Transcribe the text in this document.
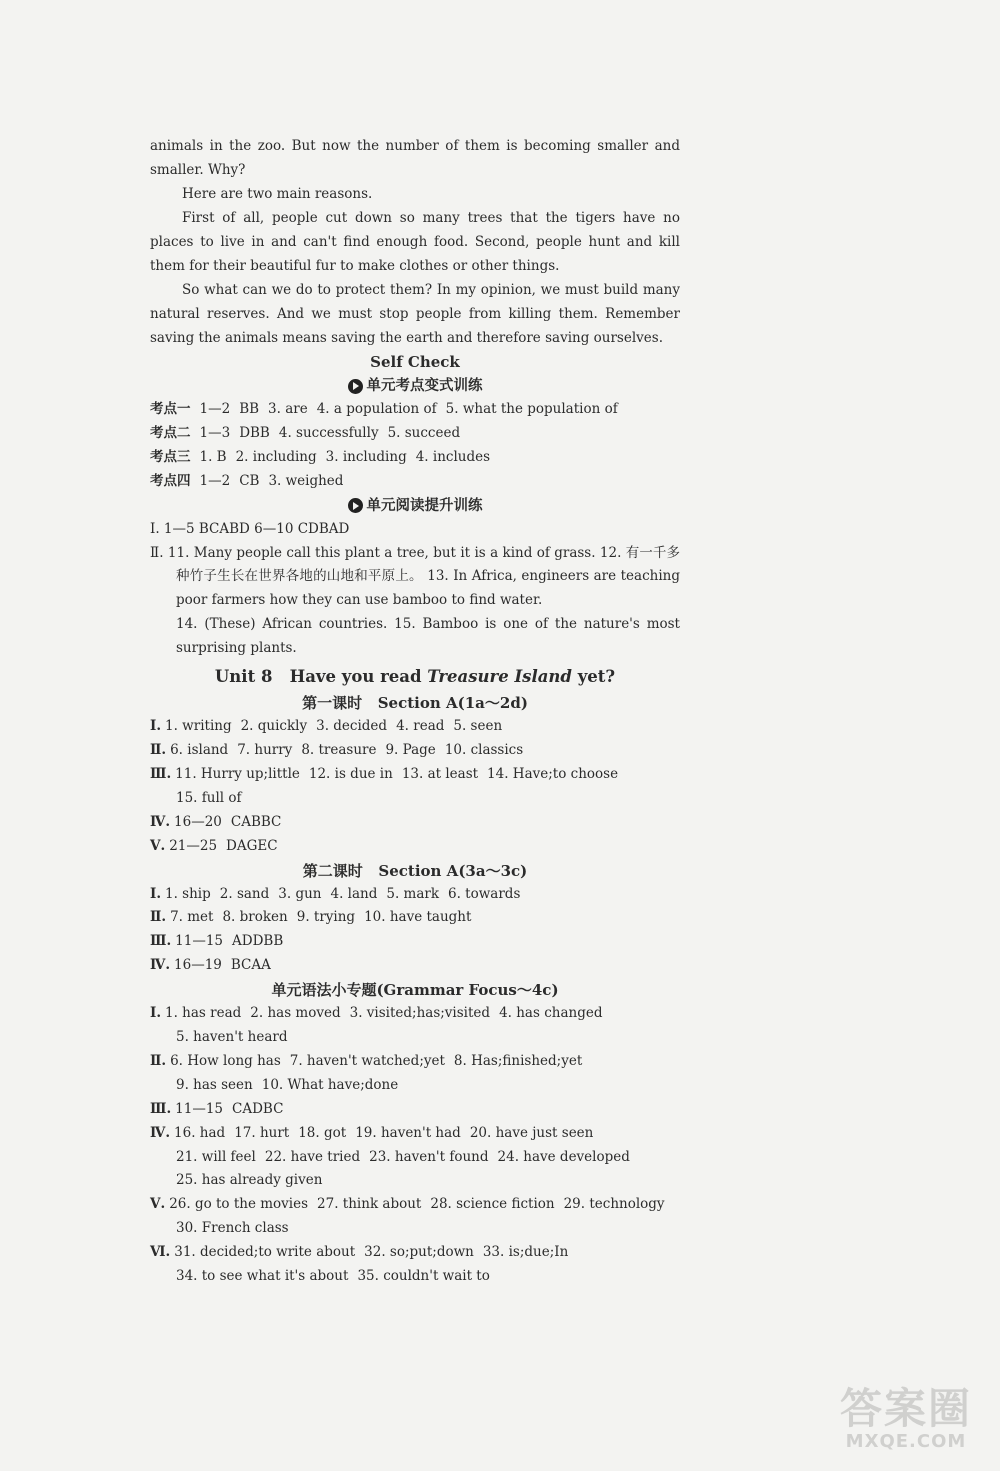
animals in the zoo. But now the number of them is becoming smaller and smaller. Why?

Here are two main reasons.

First of all, people cut down so many trees that the tigers have no places to live in and can't find enough food. Second, people hunt and kill them for their beautiful fur to make clothes or other things.

So what can we do to protect them? In my opinion, we must build many natural reserves. And we must stop people from killing them. Remember saving the animals means saving the earth and therefore saving ourselves.

Self Check

单元考点变式训练

考点一 1—2 BB 3. are 4. a population of 5. what the population of

考点二 1—3 DBB 4. successfully 5. succeed

考点三 1. B 2. including 3. including 4. includes

考点四 1—2 CB 3. weighed

单元阅读提升训练

Ⅰ. 1—5 BCABD 6—10 CDBAD

Ⅱ. 11. Many people call this plant a tree, but it is a kind of grass. 12. 有一千多种竹子生长在世界各地的山地和平原上。 13. In Africa, engineers are teaching poor farmers how they can use bamboo to find water.

14. (These) African countries. 15. Bamboo is one of the nature's most surprising plants.

Unit 8   Have you read Treasure Island yet?

第一课时   Section A(1a～2d)

Ⅰ. 1. writing 2. quickly 3. decided 4. read 5. seen

Ⅱ. 6. island 7. hurry 8. treasure 9. Page 10. classics

Ⅲ. 11. Hurry up;little 12. is due in 13. at least 14. Have;to choose

15. full of

Ⅳ. 16—20 CABBC

Ⅴ. 21—25 DAGEC

第二课时   Section A(3a～3c)

Ⅰ. 1. ship 2. sand 3. gun 4. land 5. mark 6. towards

Ⅱ. 7. met 8. broken 9. trying 10. have taught

Ⅲ. 11—15 ADDBB

Ⅳ. 16—19 BCAA

单元语法小专题(Grammar Focus～4c)

Ⅰ. 1. has read 2. has moved 3. visited;has;visited 4. has changed

5. haven't heard

Ⅱ. 6. How long has 7. haven't watched;yet 8. Has;finished;yet

9. has seen 10. What have;done

Ⅲ. 11—15 CADBC

Ⅳ. 16. had 17. hurt 18. got 19. haven't had 20. have just seen

21. will feel 22. have tried 23. haven't found 24. have developed

25. has already given

Ⅴ. 26. go to the movies 27. think about 28. science fiction 29. technology

30. French class

Ⅵ. 31. decided;to write about 32. so;put;down 33. is;due;In

34. to see what it's about 35. couldn't wait to

答案圈
MXQE.COM
